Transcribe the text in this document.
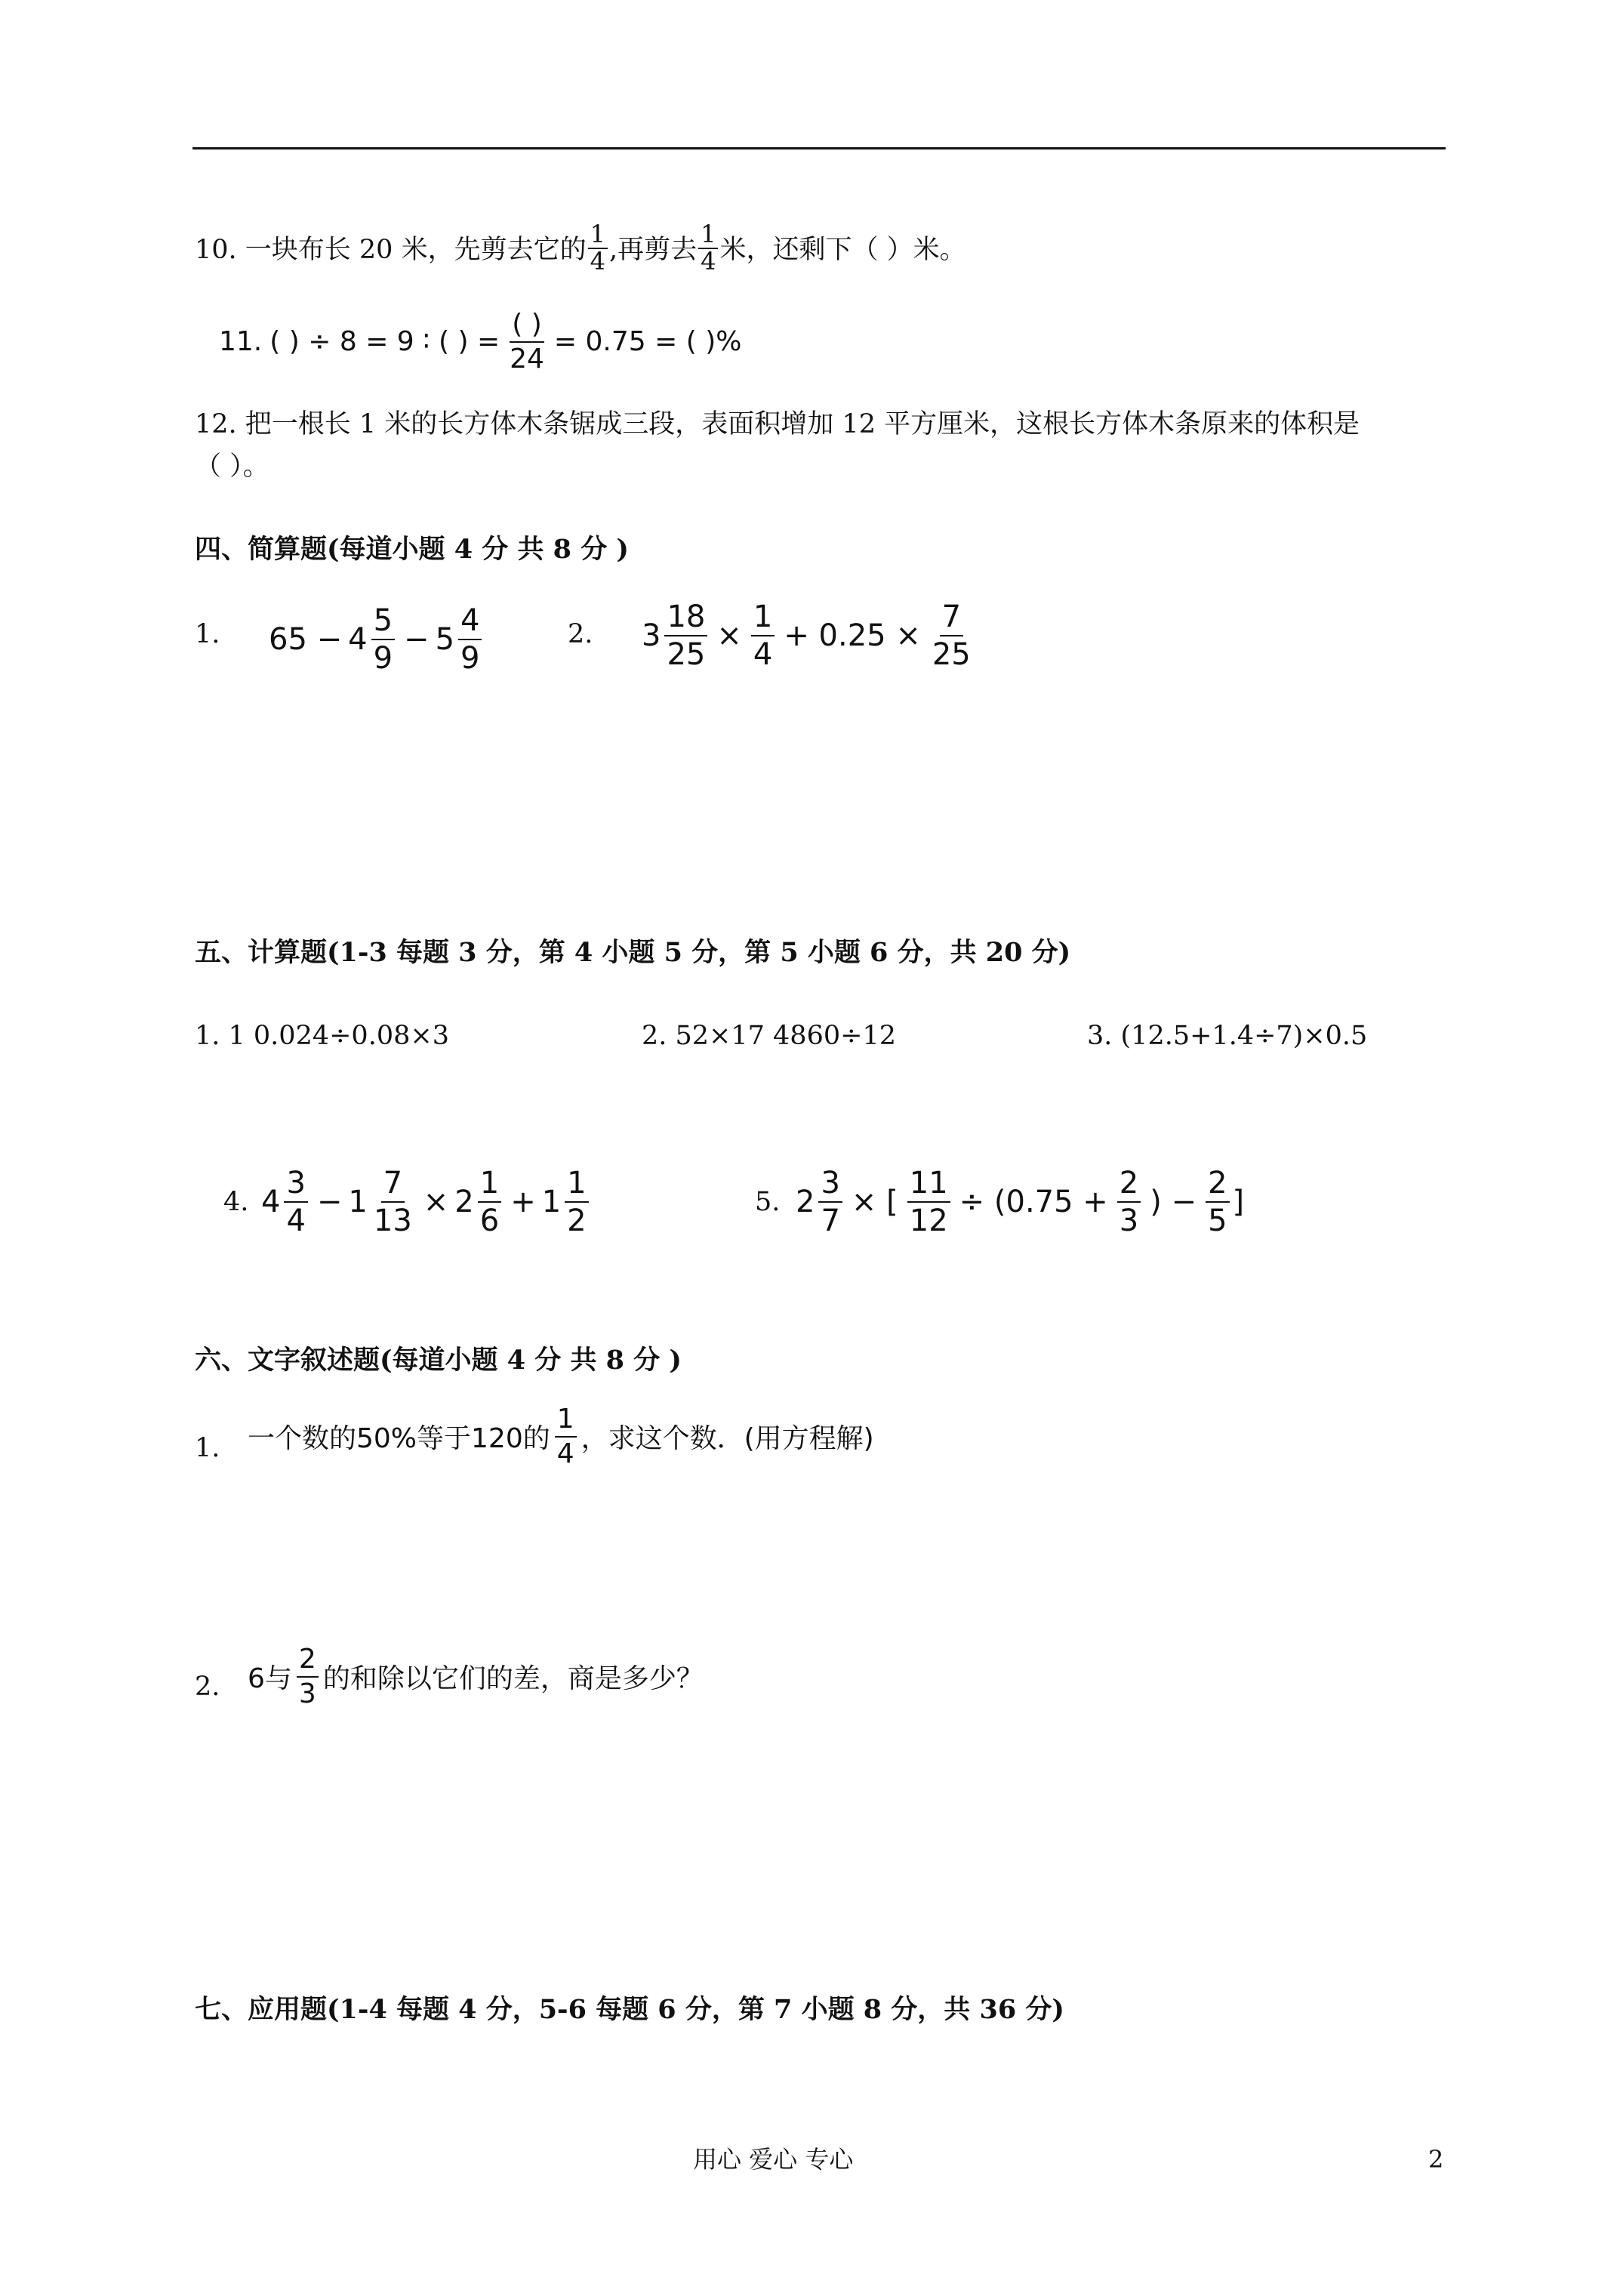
10. 一块布长 20 米，先剪去它的 $\frac{1}{4}$ ,再剪去 $\frac{1}{4}$ 米，还剩下（ ）米。
11. ( ) ÷ 8 = 9 ∶ ( ) = $\frac{( )}{24} = 0.75$ = ( )%
12. 把一根长 1 米的长方体木条锯成三段，表面积增加 12 平方厘米，这根长方体木条原来的体积是
（ ）。
四、简算题(每道小题 4 分 共 8 分 )
1. $65 - 4 \frac{5}{9} - 5 \frac{4}{9}$	2. $3 \frac{18}{25} \times \frac{1}{4} + 0.25 \times \frac{7}{25}$
五、计算题(1-3 每题 3 分，第 4 小题 5 分，第 5 小题 6 分，共 20 分)
1. 1 0.024÷0.08×3	2. 52×17 4860÷12	3. (12.5+1.4÷7)×0.5
4. $4 \frac{3}{4} - 1 \frac{7}{13} \times 2 \frac{1}{6} + 1 \frac{1}{2}$	5. $2 \frac{3}{7}$ × [ $\frac{11}{12} \div (0.75 + \frac{2}{3}$ ) − $\frac{2}{5}$ ]
六、文字叙述题(每道小题 4 分 共 8 分 )
1. 一个数的50%等于120的 $\frac{1}{4}$ ，求这个数．(用方程解)
2. 6与 $\frac{2}{3}$ 的和除以它们的差，商是多少？
七、应用题(1-4 每题 4 分，5-6 每题 6 分，第 7 小题 8 分，共 36 分)
用心 爱心 专心	2
